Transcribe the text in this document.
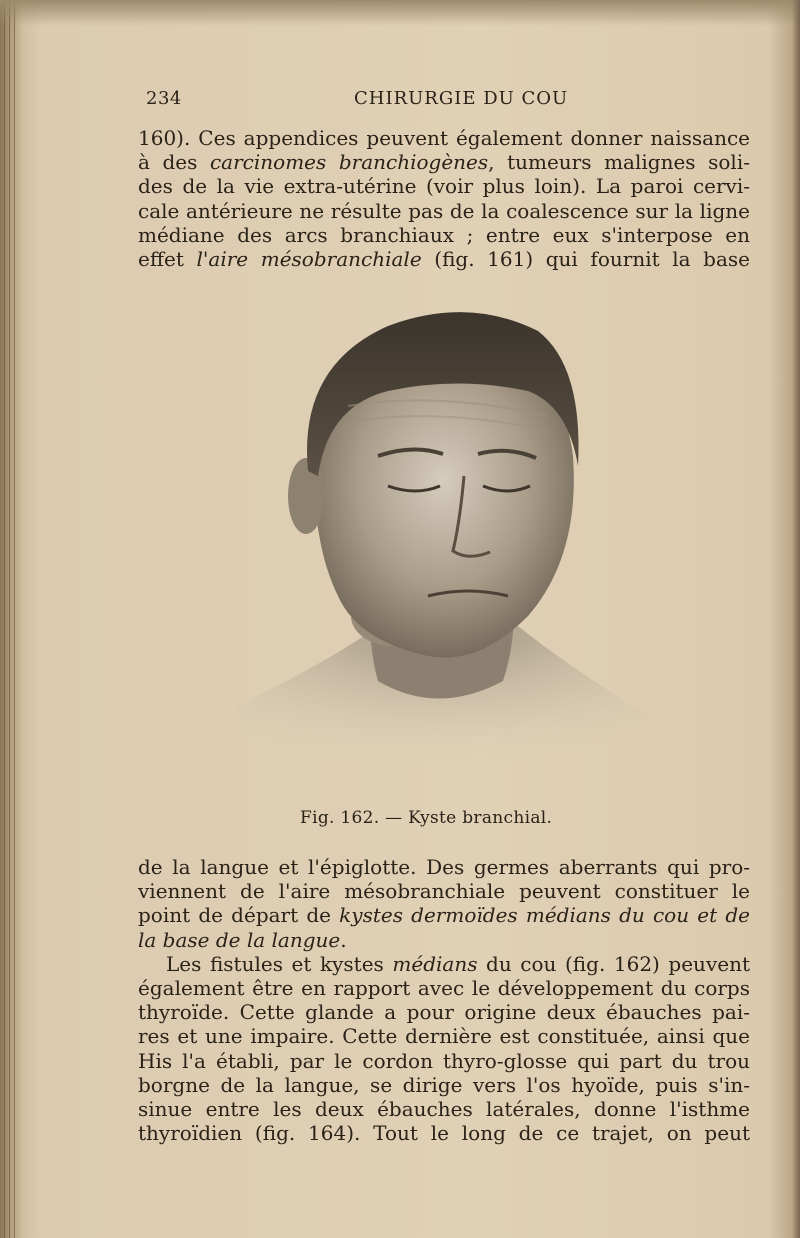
234	CHIRURGIE DU COU
160). Ces appendices peuvent également donner naissance
à des carcinomes branchiogènes, tumeurs malignes soli-
des de la vie extra-utérine (voir plus loin). La paroi cervi-
cale antérieure ne résulte pas de la coalescence sur la ligne
médiane des arcs branchiaux ; entre eux s'interpose en
effet l'aire mésobranchiale (fig. 161) qui fournit la base
Fig. 162. — Kyste branchial.
de la langue et l'épiglotte. Des germes aberrants qui pro-
viennent de l'aire mésobranchiale peuvent constituer le
point de départ de kystes dermoïdes médians du cou et de
la base de la langue.
Les fistules et kystes médians du cou (fig. 162) peuvent
également être en rapport avec le développement du corps
thyroïde. Cette glande a pour origine deux ébauches pai-
res et une impaire. Cette dernière est constituée, ainsi que
His l'a établi, par le cordon thyro-glosse qui part du trou
borgne de la langue, se dirige vers l'os hyoïde, puis s'in-
sinue entre les deux ébauches latérales, donne l'isthme
thyroïdien (fig. 164). Tout le long de ce trajet, on peut
